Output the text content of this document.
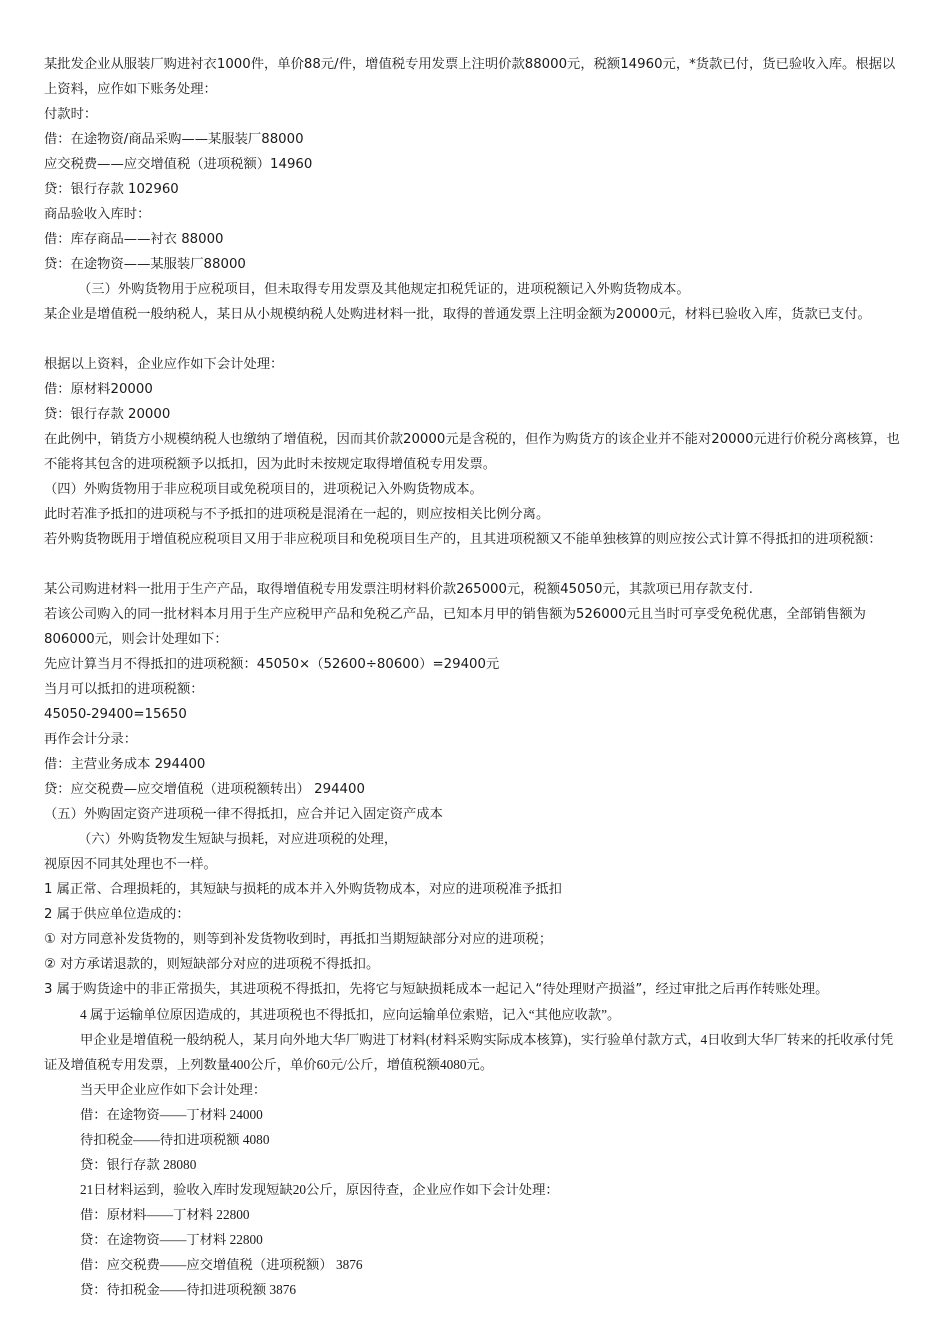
某批发企业从服装厂购进衬衣1000件，单价88元/件，增值税专用发票上注明价款88000元，税额14960元，*货款已付，货已验收入库。根据以上资料，应作如下账务处理：
付款时：
借：在途物资/商品采购——某服装厂88000
应交税费——应交增值税（进项税额）14960
贷：银行存款 102960
商品验收入库时：
借：库存商品——衬衣 88000
贷：在途物资——某服装厂88000
（三）外购货物用于应税项目，但未取得专用发票及其他规定扣税凭证的，进项税额记入外购货物成本。
某企业是增值税一般纳税人，某日从小规模纳税人处购进材料一批，取得的普通发票上注明金额为20000元，材料已验收入库，货款已支付。
根据以上资料，企业应作如下会计处理：
借：原材料20000
贷：银行存款 20000
在此例中，销货方小规模纳税人也缴纳了增值税，因而其价款20000元是含税的，但作为购货方的该企业并不能对20000元进行价税分离核算，也不能将其包含的进项税额予以抵扣，因为此时未按规定取得增值税专用发票。
（四）外购货物用于非应税项目或免税项目的，进项税记入外购货物成本。
此时若准予抵扣的进项税与不予抵扣的进项税是混淆在一起的，则应按相关比例分离。
若外购货物既用于增值税应税项目又用于非应税项目和免税项目生产的，且其进项税额又不能单独核算的则应按公式计算不得抵扣的进项税额：
某公司购进材料一批用于生产产品，取得增值税专用发票注明材料价款265000元，税额45050元，其款项已用存款支付.
若该公司购入的同一批材料本月用于生产应税甲产品和免税乙产品，已知本月甲的销售额为526000元且当时可享受免税优惠，全部销售额为806000元，则会计处理如下：
先应计算当月不得抵扣的进项税额：45050×（52600÷80600）=29400元
当月可以抵扣的进项税额：
45050-29400=15650
再作会计分录：
借：主营业务成本 294400
贷：应交税费—应交增值税（进项税额转出） 294400
（五）外购固定资产进项税一律不得抵扣，应合并记入固定资产成本
（六）外购货物发生短缺与损耗，对应进项税的处理，
视原因不同其处理也不一样。
1 属正常、合理损耗的，其短缺与损耗的成本并入外购货物成本，对应的进项税准予抵扣
2 属于供应单位造成的：
① 对方同意补发货物的，则等到补发货物收到时，再抵扣当期短缺部分对应的进项税；
② 对方承诺退款的，则短缺部分对应的进项税不得抵扣。
3 属于购货途中的非正常损失，其进项税不得抵扣，先将它与短缺损耗成本一起记入“待处理财产损溢”，经过审批之后再作转账处理。
4 属于运输单位原因造成的，其进项税也不得抵扣，应向运输单位索赔，记入“其他应收款”。
甲企业是增值税一般纳税人，某月向外地大华厂购进丁材料(材料采购实际成本核算)，实行验单付款方式，4日收到大华厂转来的托收承付凭证及增值税专用发票，上列数量400公斤，单价60元/公斤，增值税额4080元。
当天甲企业应作如下会计处理：
借：在途物资——丁材料 24000
待扣税金——待扣进项税额 4080
贷：银行存款 28080
21日材料运到，验收入库时发现短缺20公斤，原因待查，企业应作如下会计处理：
借：原材料——丁材料 22800
贷：在途物资——丁材料 22800
借：应交税费——应交增值税（进项税额） 3876
贷：待扣税金——待扣进项税额 3876
